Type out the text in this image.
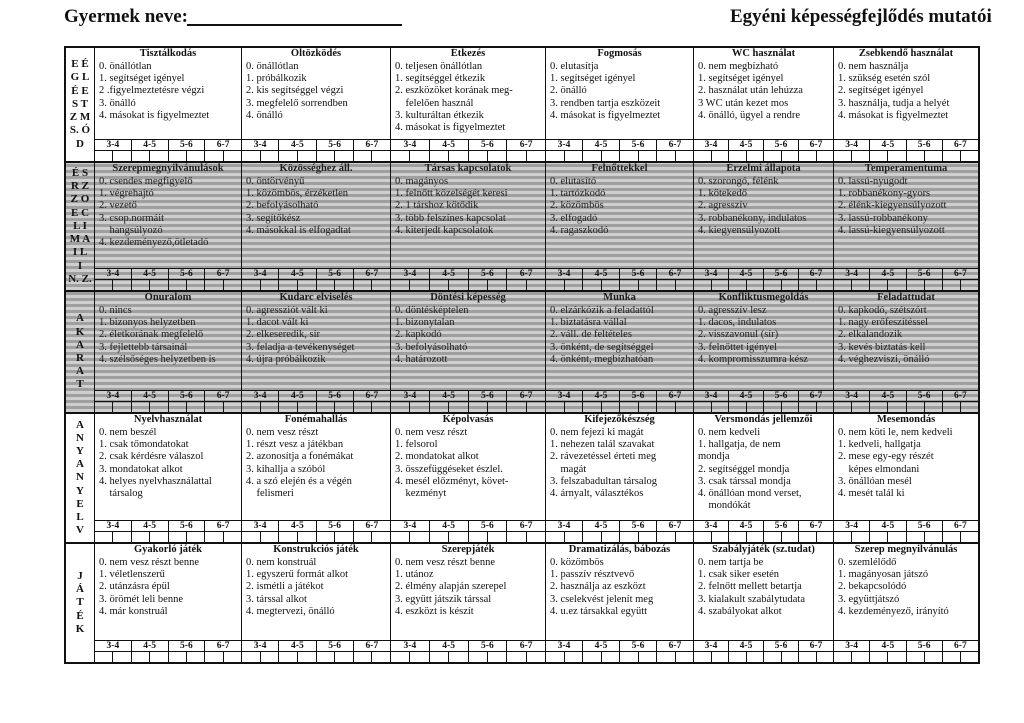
Gyermek neve:	Egyéni képességfejlődés mutatói
E É
G L
É E
S T
Z M
S. Ó
D
Tisztálkodás
0. önállótlan
1. segítséget igényel
2 .figyelmeztetésre végzi
3. önálló
4. másokat is figyelmeztet
3-4	4-5	5-6	6-7
Öltözködés
0. önállótlan
1. próbálkozik
2. kis segítséggel végzi
3. megfelelő sorrendben
4. önálló
3-4	4-5	5-6	6-7
Étkezés
0. teljesen önállótlan
1. segítséggel étkezik
2. eszközöket korának meg-
felelően használ
3. kulturáltan étkezik
4. másokat is figyelmeztet
3-4	4-5	5-6	6-7
Fogmosás
0. elutasítja
1. segítséget igényel
2. önálló
3. rendben tartja eszközeit
4. másokat is figyelmeztet
3-4	4-5	5-6	6-7
WC használat
0. nem megbízható
1. segítséget igényel
2. használat után lehúzza
3 WC után kezet mos
4. önálló, ügyel a rendre
3-4	4-5	5-6	6-7
Zsebkendő használat
0. nem használja
1. szükség esetén szól
2. segítséget igényel
3. használja, tudja a helyét
4. másokat is figyelmeztet
3-4	4-5	5-6	6-7
É S
R Z
Z O
E C
L I
M A
I L
I
N. Z.
Szerepmegnyilvánulások
0. csendes megfigyelő
1. végrehajtó
2. vezető
3. csop.normáit
hangsúlyozó
4. kezdeményező,ötletadó
3-4	4-5	5-6	6-7
Közösséghez áll.
0. öntörvényű
1. közömbös, érzéketlen
2. befolyásolható
3. segítőkész
4. másokkal is elfogadtat
3-4	4-5	5-6	6-7
Társas kapcsolatok
0. magányos
1. felnőtt közelségét keresi
2. 1 társhoz kötődik
3. több felszínes kapcsolat
4. kiterjedt kapcsolatok
3-4	4-5	5-6	6-7
Felnőttekkel
0. elutasító
1. tartózkodó
2. közömbös
3. elfogadó
4. ragaszkodó
3-4	4-5	5-6	6-7
Érzelmi állapota
0. szorongó, félénk
1. kötekedő
2. agresszív
3. robbanékony, indulatos
4. kiegyensúlyozott
3-4	4-5	5-6	6-7
Temperamentuma
0. lassú-nyugodt
1. robbanékony-gyors
2. élénk-kiegyensúlyozott
3. lassú-robbanékony
4. lassú-kiegyensúlyozott
3-4	4-5	5-6	6-7
A
K
A
R
A
T
Önuralom
0. nincs
1. bizonyos helyzetben
2. életkorának megfelelő
3. fejlettebb társainál
4. szélsőséges helyzetben is
3-4	4-5	5-6	6-7
Kudarc elviselés
0. agressziót vált ki
1. dacot vált ki
2. elkeseredik, sír
3. feladja a tevékenységet
4. újra próbálkozik
3-4	4-5	5-6	6-7
Döntési képesség
0. döntésképtelen
1. bizonytalan
2. kapkodó
3. befolyásolható
4. határozott
3-4	4-5	5-6	6-7
Munka
0. elzárkózik a feladattól
1. biztatásra vállal
2. váll. de feltételes
3. önként, de segítséggel
4. önként, megbízhatóan
3-4	4-5	5-6	6-7
Konfliktusmegoldás
0. agresszív lesz
1. dacos, indulatos
2. visszavonul (sír)
3. felnőttet igényel
4. kompromisszumra kész
3-4	4-5	5-6	6-7
Feladattudat
0. kapkodó, szétszórt
1. nagy erőfeszítéssel
2. elkalandozik
3. kevés biztatás kell
4. véghezviszi, önálló
3-4	4-5	5-6	6-7
A
N
Y
A
N
Y
E
L
V
Nyelvhasználat
0. nem beszél
1. csak tőmondatokat
2. csak kérdésre válaszol
3. mondatokat alkot
4. helyes nyelvhasználattal
társalog
3-4	4-5	5-6	6-7
Fonémahallás
0. nem vesz részt
1. részt vesz a játékban
2. azonosítja a fonémákat
3. kihallja a szóból
4. a szó elején és a végén
felismeri
3-4	4-5	5-6	6-7
Képolvasás
0. nem vesz részt
1. felsorol
2. mondatokat alkot
3. összefüggéseket észlel.
4. mesél előzményt, követ-
kezményt
3-4	4-5	5-6	6-7
Kifejezőkészség
0. nem fejezi ki magát
1. nehezen talál szavakat
2. rávezetéssel érteti meg
magát
3. felszabadultan társalog
4. árnyalt, választékos
3-4	4-5	5-6	6-7
Versmondás jellemzői
0. nem kedveli
1. hallgatja, de nem
mondja
2. segítséggel mondja
3. csak társsal mondja
4. önállóan mond verset,
mondókát
3-4	4-5	5-6	6-7
Mesemondás
0. nem köti le, nem kedveli
1. kedveli, hallgatja
2. mese egy-egy részét
képes elmondani
3. önállóan mesél
4. mesét talál ki
3-4	4-5	5-6	6-7
J
Á
T
É
K
Gyakorló játék
0. nem vesz részt benne
1. véletlenszerű
2. utánzásra épül
3. örömét leli benne
4. már konstruál
3-4	4-5	5-6	6-7
Konstrukciós játék
0. nem konstruál
1. egyszerű formát alkot
2. ismétli a játékot
3. társsal alkot
4. megtervezi, önálló
3-4	4-5	5-6	6-7
Szerepjáték
0. nem vesz részt benne
1. utánoz
2. élmény alapján szerepel
3. együtt játszik társsal
4. eszközt is készít
3-4	4-5	5-6	6-7
Dramatizálás, bábozás
0. közömbös
1. passzív résztvevő
2. használja az eszközt
3. cselekvést jelenít meg
4. u.ez társakkal együtt
3-4	4-5	5-6	6-7
Szabályjáték (sz.tudat)
0. nem tartja be
1. csak siker esetén
2. felnőtt mellett betartja
3. kialakult szabálytudata
4. szabályokat alkot
3-4	4-5	5-6	6-7
Szerep megnyilvánulás
0. szemlélődő
1. magányosan játszó
2. bekapcsolódó
3. együttjátszó
4. kezdeményező, irányító
3-4	4-5	5-6	6-7
